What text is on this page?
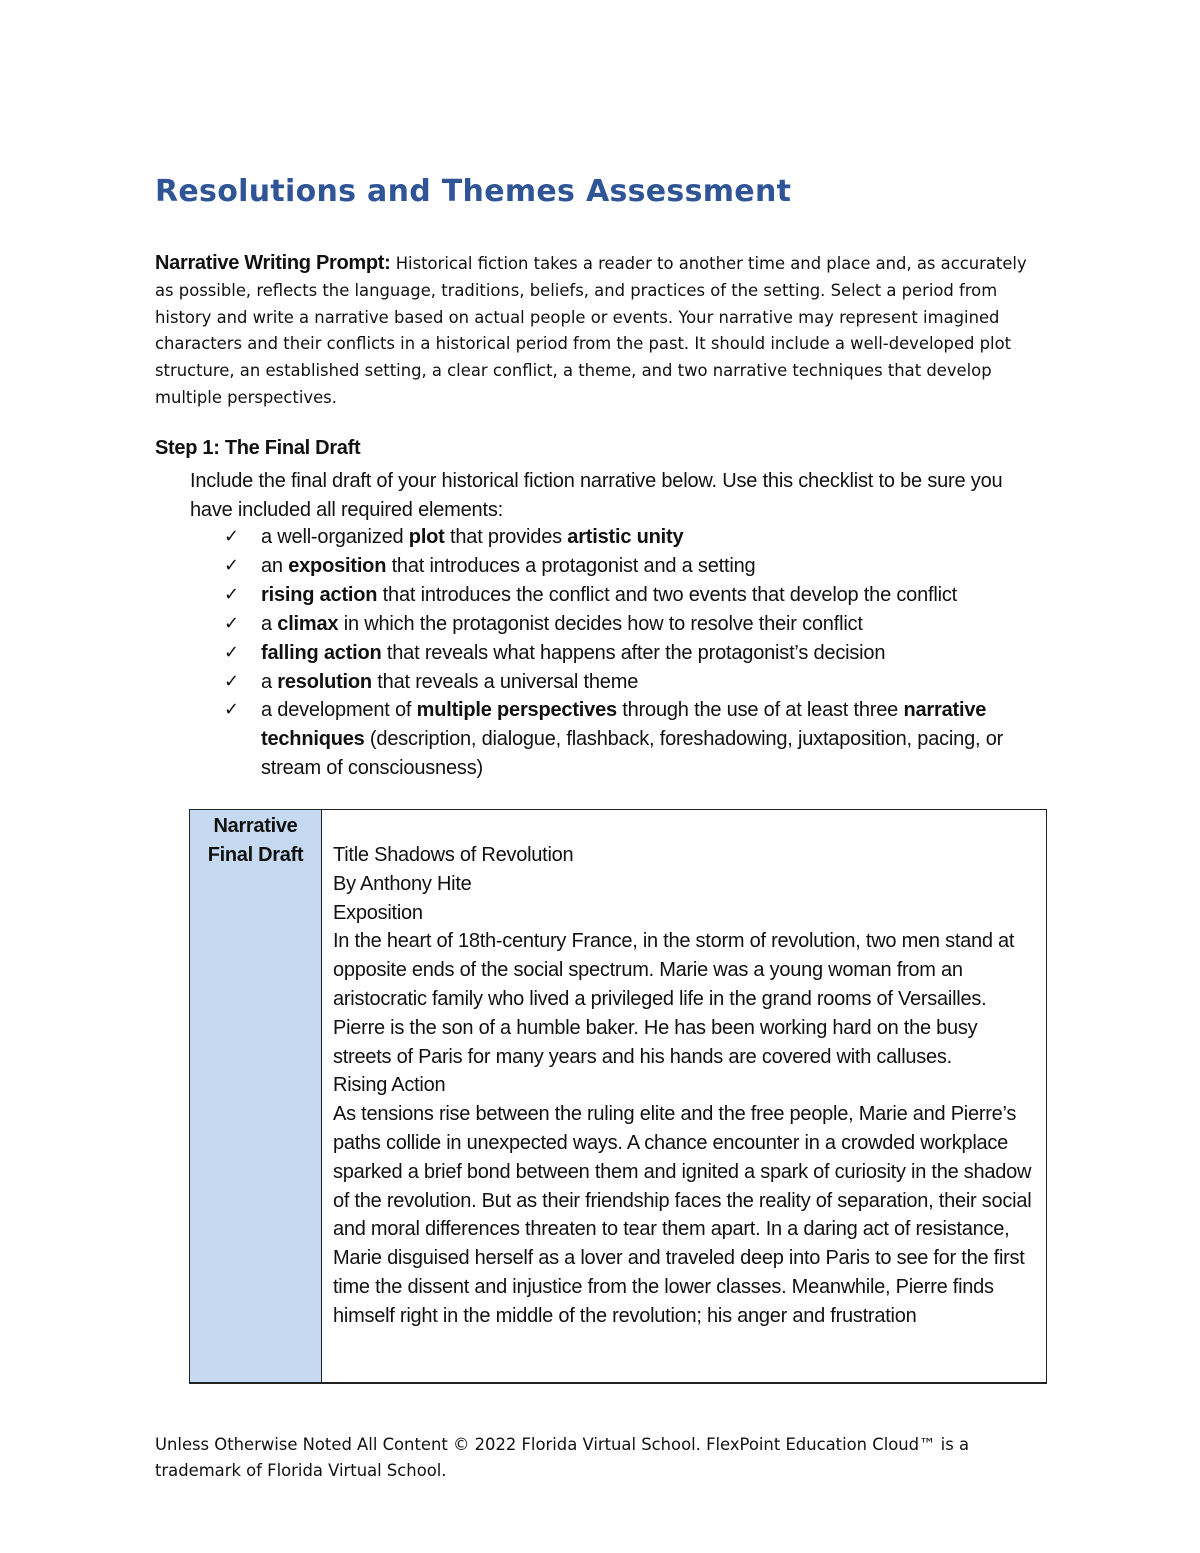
Resolutions and Themes Assessment

Narrative Writing Prompt: Historical fiction takes a reader to another time and place and, as accurately as possible, reflects the language, traditions, beliefs, and practices of the setting. Select a period from history and write a narrative based on actual people or events. Your narrative may represent imagined characters and their conflicts in a historical period from the past. It should include a well-developed plot structure, an established setting, a clear conflict, a theme, and two narrative techniques that develop multiple perspectives.

Step 1: The Final Draft

Include the final draft of your historical fiction narrative below. Use this checklist to be sure you have included all required elements:

✓ a well-organized plot that provides artistic unity
✓ an exposition that introduces a protagonist and a setting
✓ rising action that introduces the conflict and two events that develop the conflict
✓ a climax in which the protagonist decides how to resolve their conflict
✓ falling action that reveals what happens after the protagonist’s decision
✓ a resolution that reveals a universal theme
✓ a development of multiple perspectives through the use of at least three narrative techniques (description, dialogue, flashback, foreshadowing, juxtaposition, pacing, or stream of consciousness)
Narrative Final Draft	Title Shadows of Revolution
By Anthony Hite
Exposition
In the heart of 18th-century France, in the storm of revolution, two men stand at opposite ends of the social spectrum. Marie was a young woman from an aristocratic family who lived a privileged life in the grand rooms of Versailles. Pierre is the son of a humble baker. He has been working hard on the busy streets of Paris for many years and his hands are covered with calluses.
Rising Action
As tensions rise between the ruling elite and the free people, Marie and Pierre’s paths collide in unexpected ways. A chance encounter in a crowded workplace sparked a brief bond between them and ignited a spark of curiosity in the shadow of the revolution. But as their friendship faces the reality of separation, their social and moral differences threaten to tear them apart. In a daring act of resistance, Marie disguised herself as a lover and traveled deep into Paris to see for the first time the dissent and injustice from the lower classes. Meanwhile, Pierre finds himself right in the middle of the revolution; his anger and frustration

Unless Otherwise Noted All Content © 2022 Florida Virtual School. FlexPoint Education Cloud™ is a trademark of Florida Virtual School.
